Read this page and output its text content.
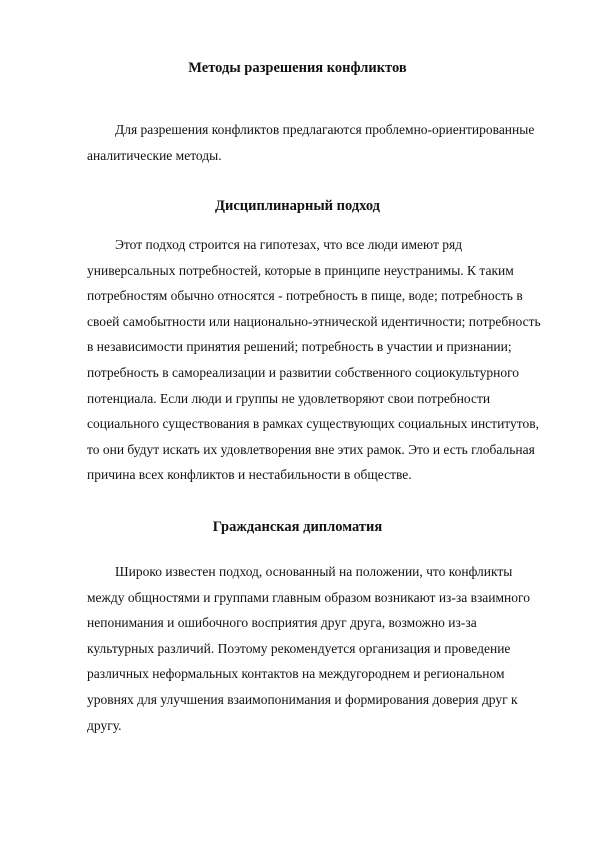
Методы разрешения конфликтов
Для разрешения конфликтов предлагаются проблемно-ориентированные
аналитические методы.
Дисциплинарный подход
Этот подход строится на гипотезах, что все люди имеют ряд
универсальных потребностей, которые в принципе неустранимы. К таким
потребностям обычно относятся - потребность в пище, воде; потребность в
своей самобытности или национально-этнической идентичности; потребность
в независимости принятия решений; потребность в участии и признании;
потребность в самореализации и развитии собственного социокультурного
потенциала. Если люди и группы не удовлетворяют свои потребности
социального существования в рамках существующих социальных институтов,
то они будут искать их удовлетворения вне этих рамок. Это и есть глобальная
причина всех конфликтов и нестабильности в обществе.
Гражданская дипломатия
Широко известен подход, основанный на положении, что конфликты
между общностями и группами главным образом возникают из-за взаимного
непонимания и ошибочного восприятия друг друга, возможно из-за
культурных различий. Поэтому рекомендуется организация и проведение
различных неформальных контактов на междугороднем и региональном
уровнях для улучшения взаимопонимания и формирования доверия друг к
другу.
